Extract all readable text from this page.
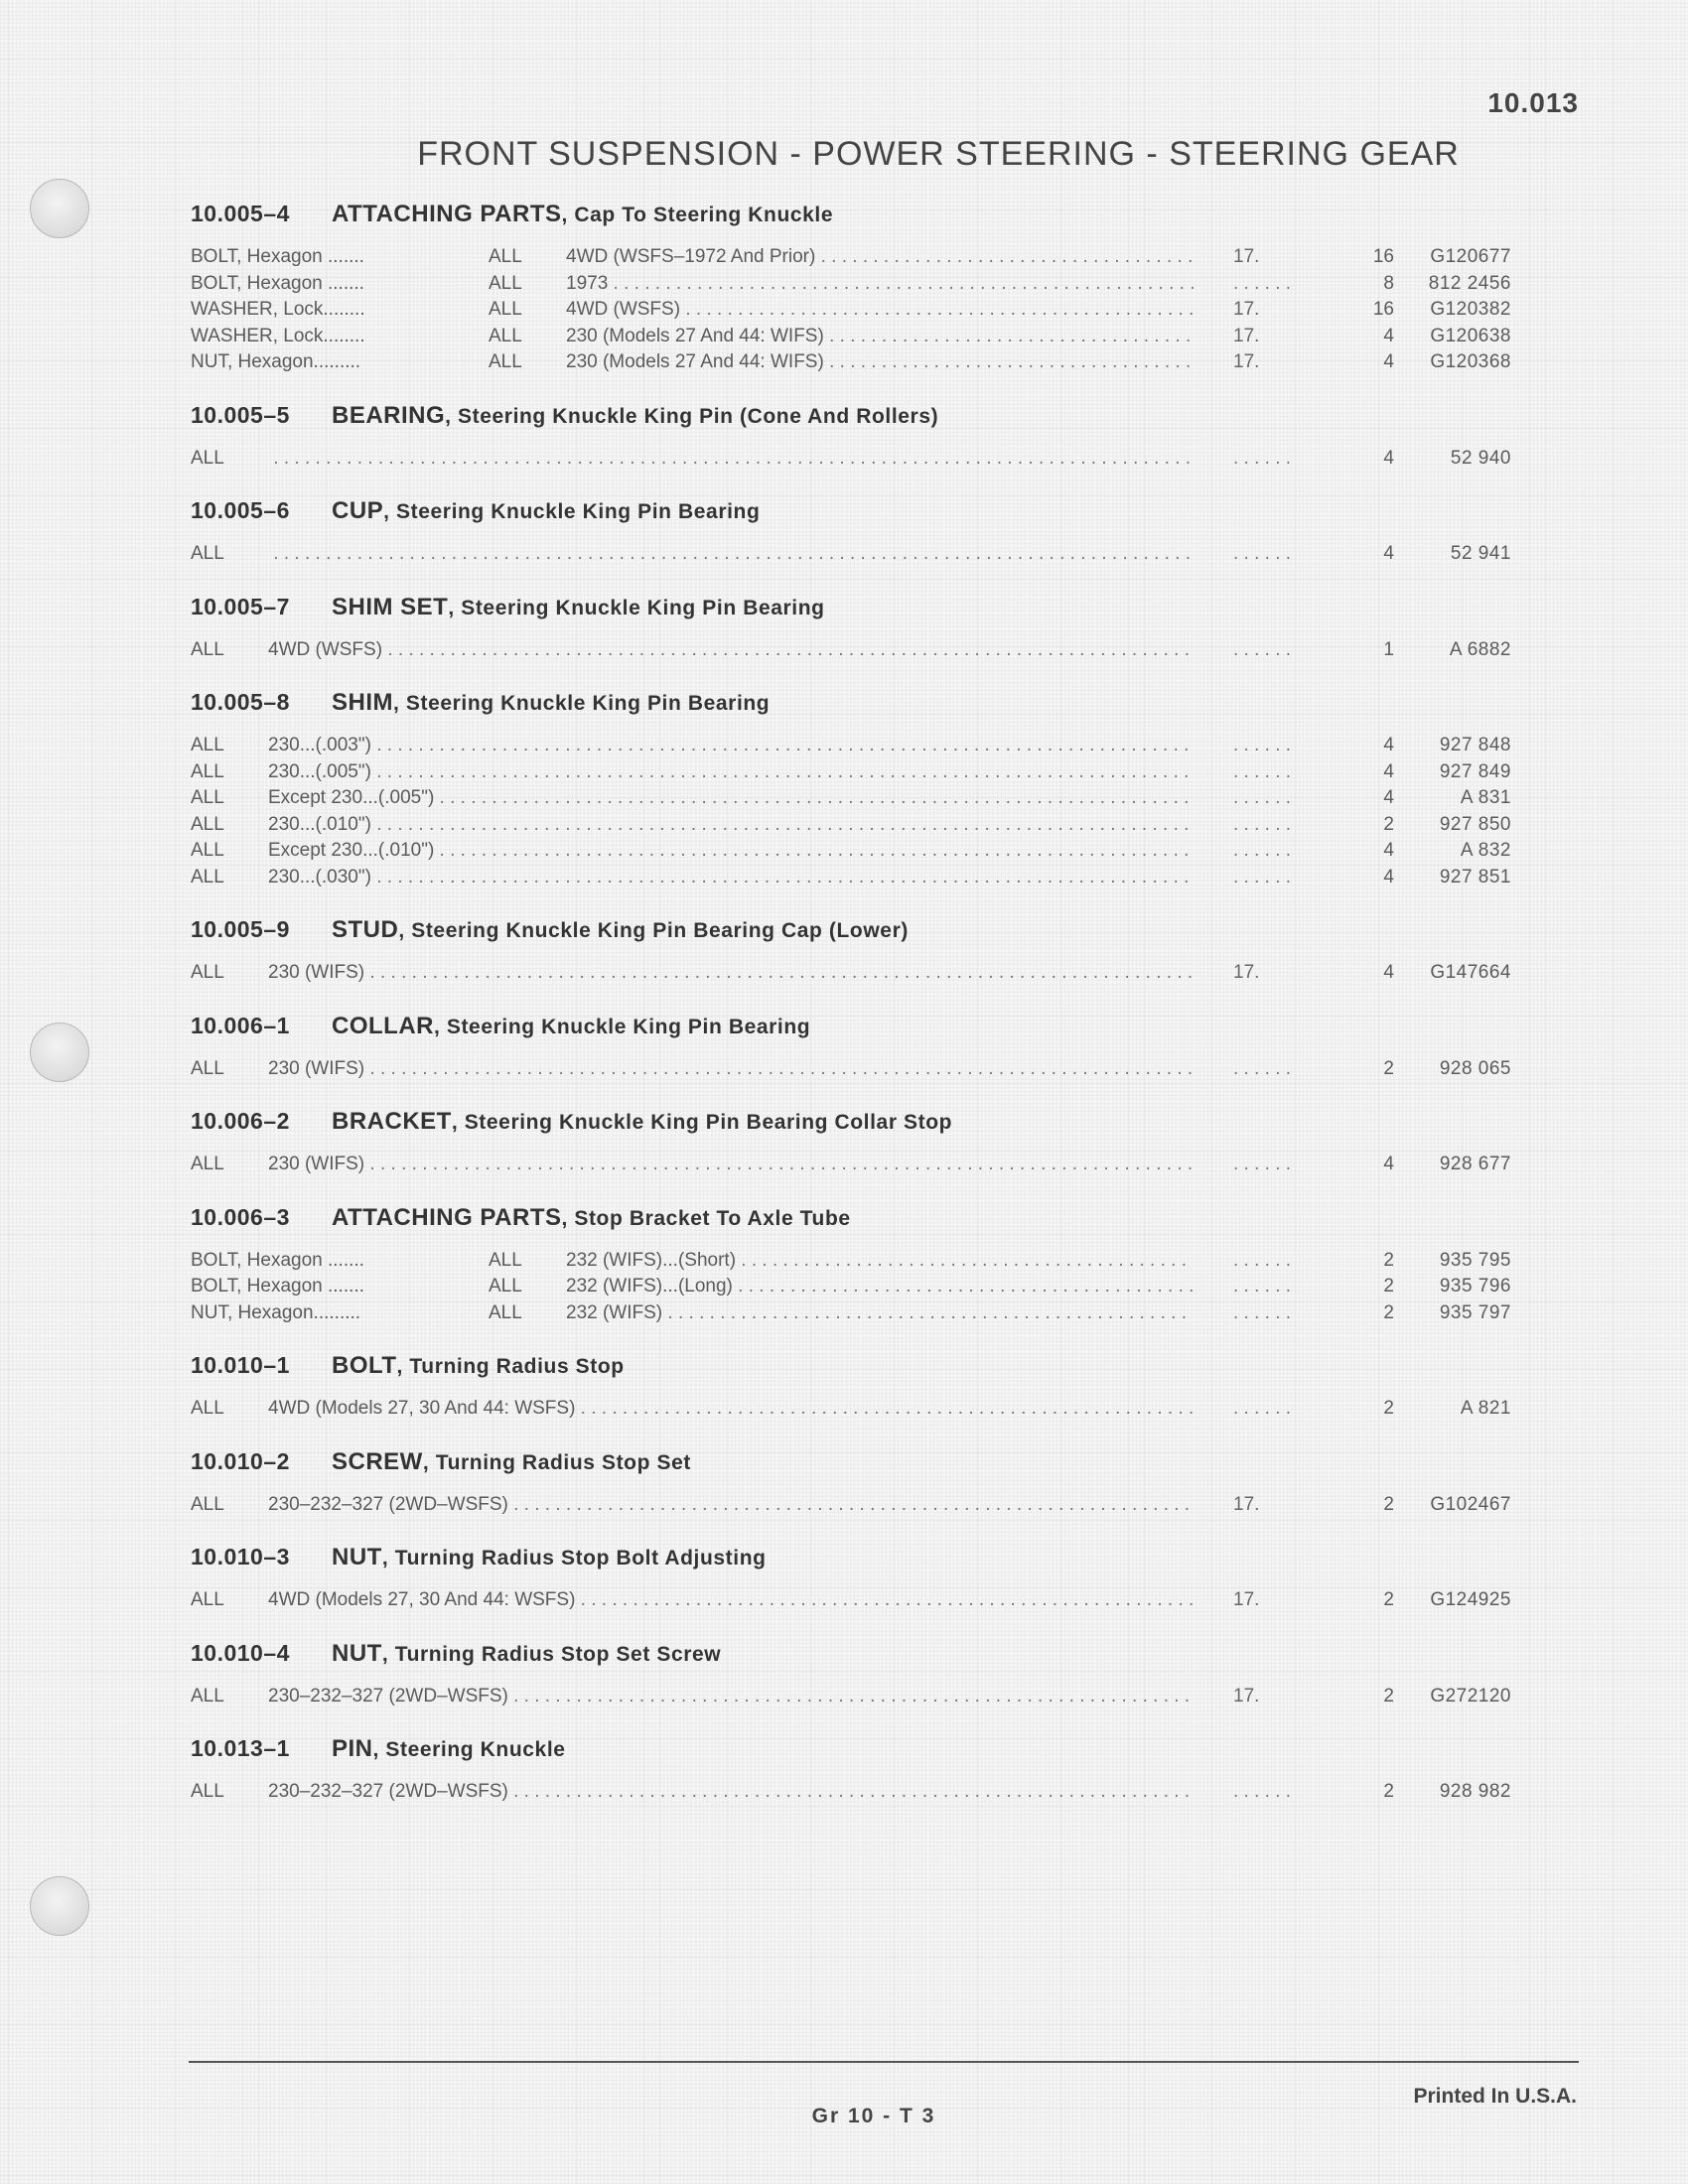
10.013
FRONT SUSPENSION - POWER STEERING - STEERING GEAR
10.005–4 ATTACHING PARTS, Cap To Steering Knuckle
BOLT, Hexagon .......	ALL 4WD (WSFS–1972 And Prior) . . .	17.	16	G120677
BOLT, Hexagon .......	ALL 1973 . . . . . .	8	812 2456
WASHER, Lock........	ALL 4WD (WSFS) . . .	17.	16	G120382
WASHER, Lock........	ALL 230 (Models 27 And 44: WIFS) . . .	17.	4	G120638
NUT, Hexagon.........	ALL 230 (Models 27 And 44: WIFS) . . .	17.	4	G120368
10.005–5 BEARING, Steering Knuckle King Pin (Cone And Rollers)
ALL . . . . . .	4	52 940
10.005–6 CUP, Steering Knuckle King Pin Bearing
ALL . . . . . .	4	52 941
10.005–7 SHIM SET, Steering Knuckle King Pin Bearing
ALL 4WD (WSFS) . . . . . .	1	A 6882
10.005–8 SHIM, Steering Knuckle King Pin Bearing
ALL 230...(.003") . . . . . .	4	927 848
ALL 230...(.005") . . . . . .	4	927 849
ALL Except 230...(.005") . . . . . .	4	A 831
ALL 230...(.010") . . . . . .	2	927 850
ALL Except 230...(.010") . . . . . .	4	A 832
ALL 230...(.030") . . . . . .	4	927 851
10.005–9 STUD, Steering Knuckle King Pin Bearing Cap (Lower)
ALL 230 (WIFS) . . .	17.	4	G147664
10.006–1 COLLAR, Steering Knuckle King Pin Bearing
ALL 230 (WIFS) . . . . . .	2	928 065
10.006–2 BRACKET, Steering Knuckle King Pin Bearing Collar Stop
ALL 230 (WIFS) . . . . . .	4	928 677
10.006–3 ATTACHING PARTS, Stop Bracket To Axle Tube
BOLT, Hexagon .......	ALL 232 (WIFS)...(Short) . . . . . .	2	935 795
BOLT, Hexagon .......	ALL 232 (WIFS)...(Long) . . . . . .	2	935 796
NUT, Hexagon.........	ALL 232 (WIFS) . . . . . .	2	935 797
10.010–1 BOLT, Turning Radius Stop
ALL 4WD (Models 27, 30 And 44: WSFS) . . . . . .	2	A 821
10.010–2 SCREW, Turning Radius Stop Set
ALL 230–232–327 (2WD–WSFS) . . .	17.	2	G102467
10.010–3 NUT, Turning Radius Stop Bolt Adjusting
ALL 4WD (Models 27, 30 And 44: WSFS) . . .	17.	2	G124925
10.010–4 NUT, Turning Radius Stop Set Screw
ALL 230–232–327 (2WD–WSFS) . . .	17.	2	G272120
10.013–1 PIN, Steering Knuckle
ALL 230–232–327 (2WD–WSFS) . . . . . .	2	928 982
Printed In U.S.A.
Gr 10 - T 3
